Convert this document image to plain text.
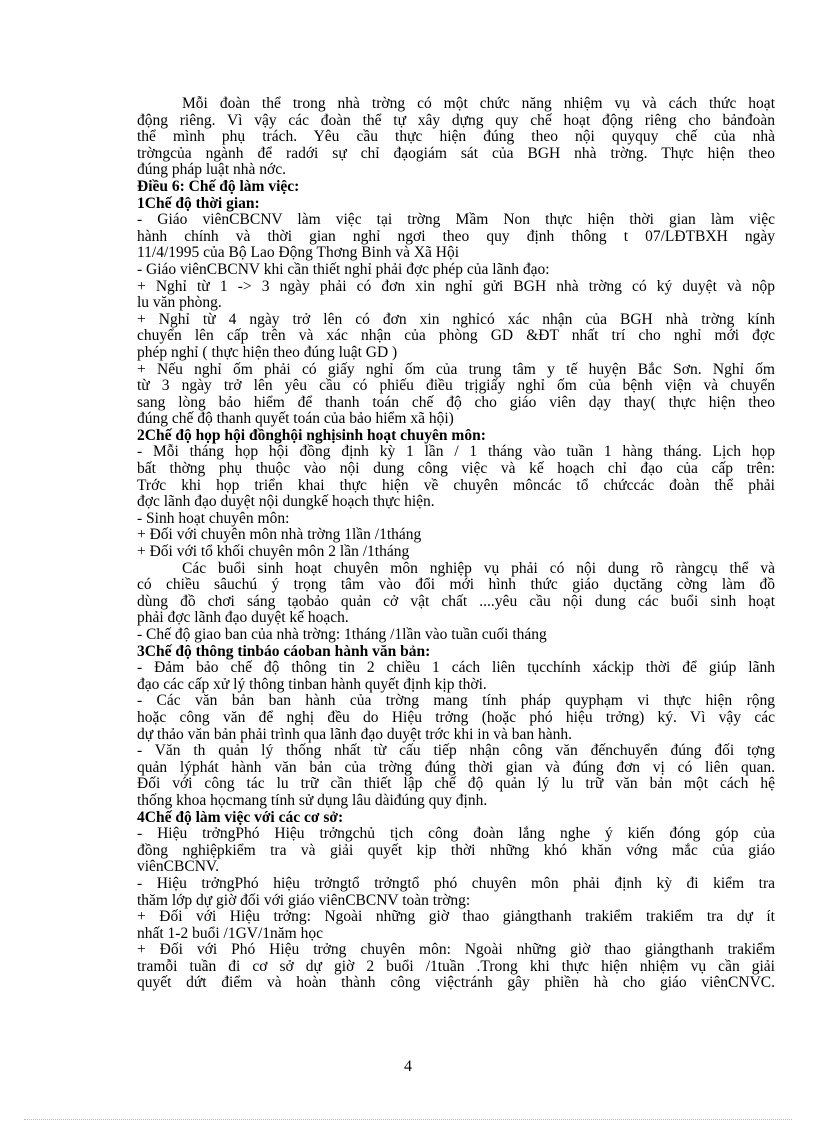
Mỗi đoàn thể trong nhà trờng có một chức năng nhiệm vụ và cách thức hoạt
động riêng. Vì vậy các đoàn thể tự xây dựng quy chế hoạt động riêng cho bảnđoàn
thể mình phụ trách. Yêu cầu thực hiện đúng theo nội quyquy chế của nhà
trờngcủa ngành để radới sự chỉ đạogiám sát của BGH nhà trờng. Thực hiện theo
đúng pháp luật nhà nớc.
Điều 6: Chế độ làm việc:
1Chế độ thời gian:
- Giáo viênCBCNV làm việc tại trờng Mầm Non thực hiện thời gian làm việc
hành chính và thời gian nghỉ ngơi theo quy định thông t 07/LĐTBXH ngày
11/4/1995 của Bộ Lao Động Thơng Binh và Xã Hội
- Giáo viênCBCNV khi cần thiết nghỉ phải đợc phép của lãnh đạo:
+ Nghỉ từ 1 -> 3 ngày phải có đơn xin nghỉ gửi BGH nhà trờng có ký duyệt và nộp
lu văn phòng.
+ Nghỉ từ 4 ngày trở lên có đơn xin nghỉcó xác nhận của BGH nhà trờng kính
chuyển lên cấp trên và xác nhận của phòng GD &ĐT nhất trí cho nghỉ mới đợc
phép nghỉ ( thực hiện theo đúng luật GD )
+ Nếu nghỉ ốm phải có giấy nghỉ ốm của trung tâm y tế huyện Bắc Sơn. Nghỉ ốm
từ 3 ngày trở lên yêu cầu có phiếu điều trịgiấy nghỉ ốm của bệnh viện và chuyển
sang lòng bảo hiểm để thanh toán chế độ cho giáo viên dạy thay( thực hiện theo
đúng chế độ thanh quyết toán của bảo hiểm xã hội)
2Chế độ họp hội đồnghội nghịsinh hoạt chuyên môn:
- Mỗi tháng họp hội đồng định kỳ 1 lần / 1 tháng vào tuần 1 hàng tháng. Lịch họp
bất thờng phụ thuộc vào nội dung công việc và kế hoạch chỉ đạo của cấp trên:
Trớc khi họp triển khai thực hiện về chuyên môncác tổ chứccác đoàn thể phải
đợc lãnh đạo duyệt nội dungkế hoạch thực hiện.
- Sinh hoạt chuyên môn:
+ Đối với chuyên môn nhà trờng 1lần /1tháng
+ Đối với tổ khối chuyên môn 2 lần /1tháng
Các buổi sinh hoạt chuyên môn nghiệp vụ phải có nội dung rõ ràngcụ thể và
có chiều sâuchú ý trọng tâm vào đổi mới hình thức giáo dụctăng cờng làm đồ
dùng đồ chơi sáng tạobảo quản cở vật chất ....yêu cầu nội dung các buổi sinh hoạt
phải đợc lãnh đạo duyệt kế hoạch.
- Chế độ giao ban của nhà trờng: 1tháng /1lần vào tuần cuối tháng
3Chế độ thông tinbáo cáoban hành văn bản:
- Đảm bảo chế độ thông tin 2 chiều 1 cách liên tụcchính xáckịp thời để giúp lãnh
đạo các cấp xử lý thông tinban hành quyết định kịp thời.
- Các văn bản ban hành của trờng mang tính pháp quyphạm vi thực hiện rộng
hoặc công văn để nghị đều do Hiệu trởng (hoặc phó hiệu trởng) ký. Vì vậy các
dự thảo văn bản phải trình qua lãnh đạo duyệt trớc khi in và ban hành.
- Văn th quản lý thống nhất từ cấu tiếp nhận công văn đếnchuyển đúng đối tợng
quản lýphát hành văn bản của trờng đúng thời gian và đúng đơn vị có liên quan.
Đối với công tác lu trữ cần thiết lập chế độ quản lý lu trữ văn bản một cách hệ
thống khoa họcmang tính sử dụng lâu dàiđúng quy định.
4Chế độ làm việc với các cơ sở:
- Hiệu trởngPhó Hiệu trởngchủ tịch công đoàn lắng nghe ý kiến đóng góp của
đồng nghiệpkiểm tra và giải quyết kịp thời những khó khăn vớng mắc của giáo
viênCBCNV.
- Hiệu trởngPhó hiệu trởngtổ trởngtổ phó chuyên môn phải định kỳ đi kiểm tra
thăm lớp dự giờ đối với giáo viênCBCNV toàn trờng:
+ Đối với Hiệu trởng: Ngoài những giờ thao giảngthanh trakiểm trakiểm tra dự ít
nhất 1-2 buổi /1GV/1năm học
+ Đối với Phó Hiệu trởng chuyên môn: Ngoài những giờ thao giảngthanh trakiểm
tramỗi tuần đi cơ sở dự giờ 2 buổi /1tuần .Trong khi thực hiện nhiệm vụ cần giải
quyết dứt điểm và hoàn thành công việctránh gây phiền hà cho giáo viênCNVC.
4
